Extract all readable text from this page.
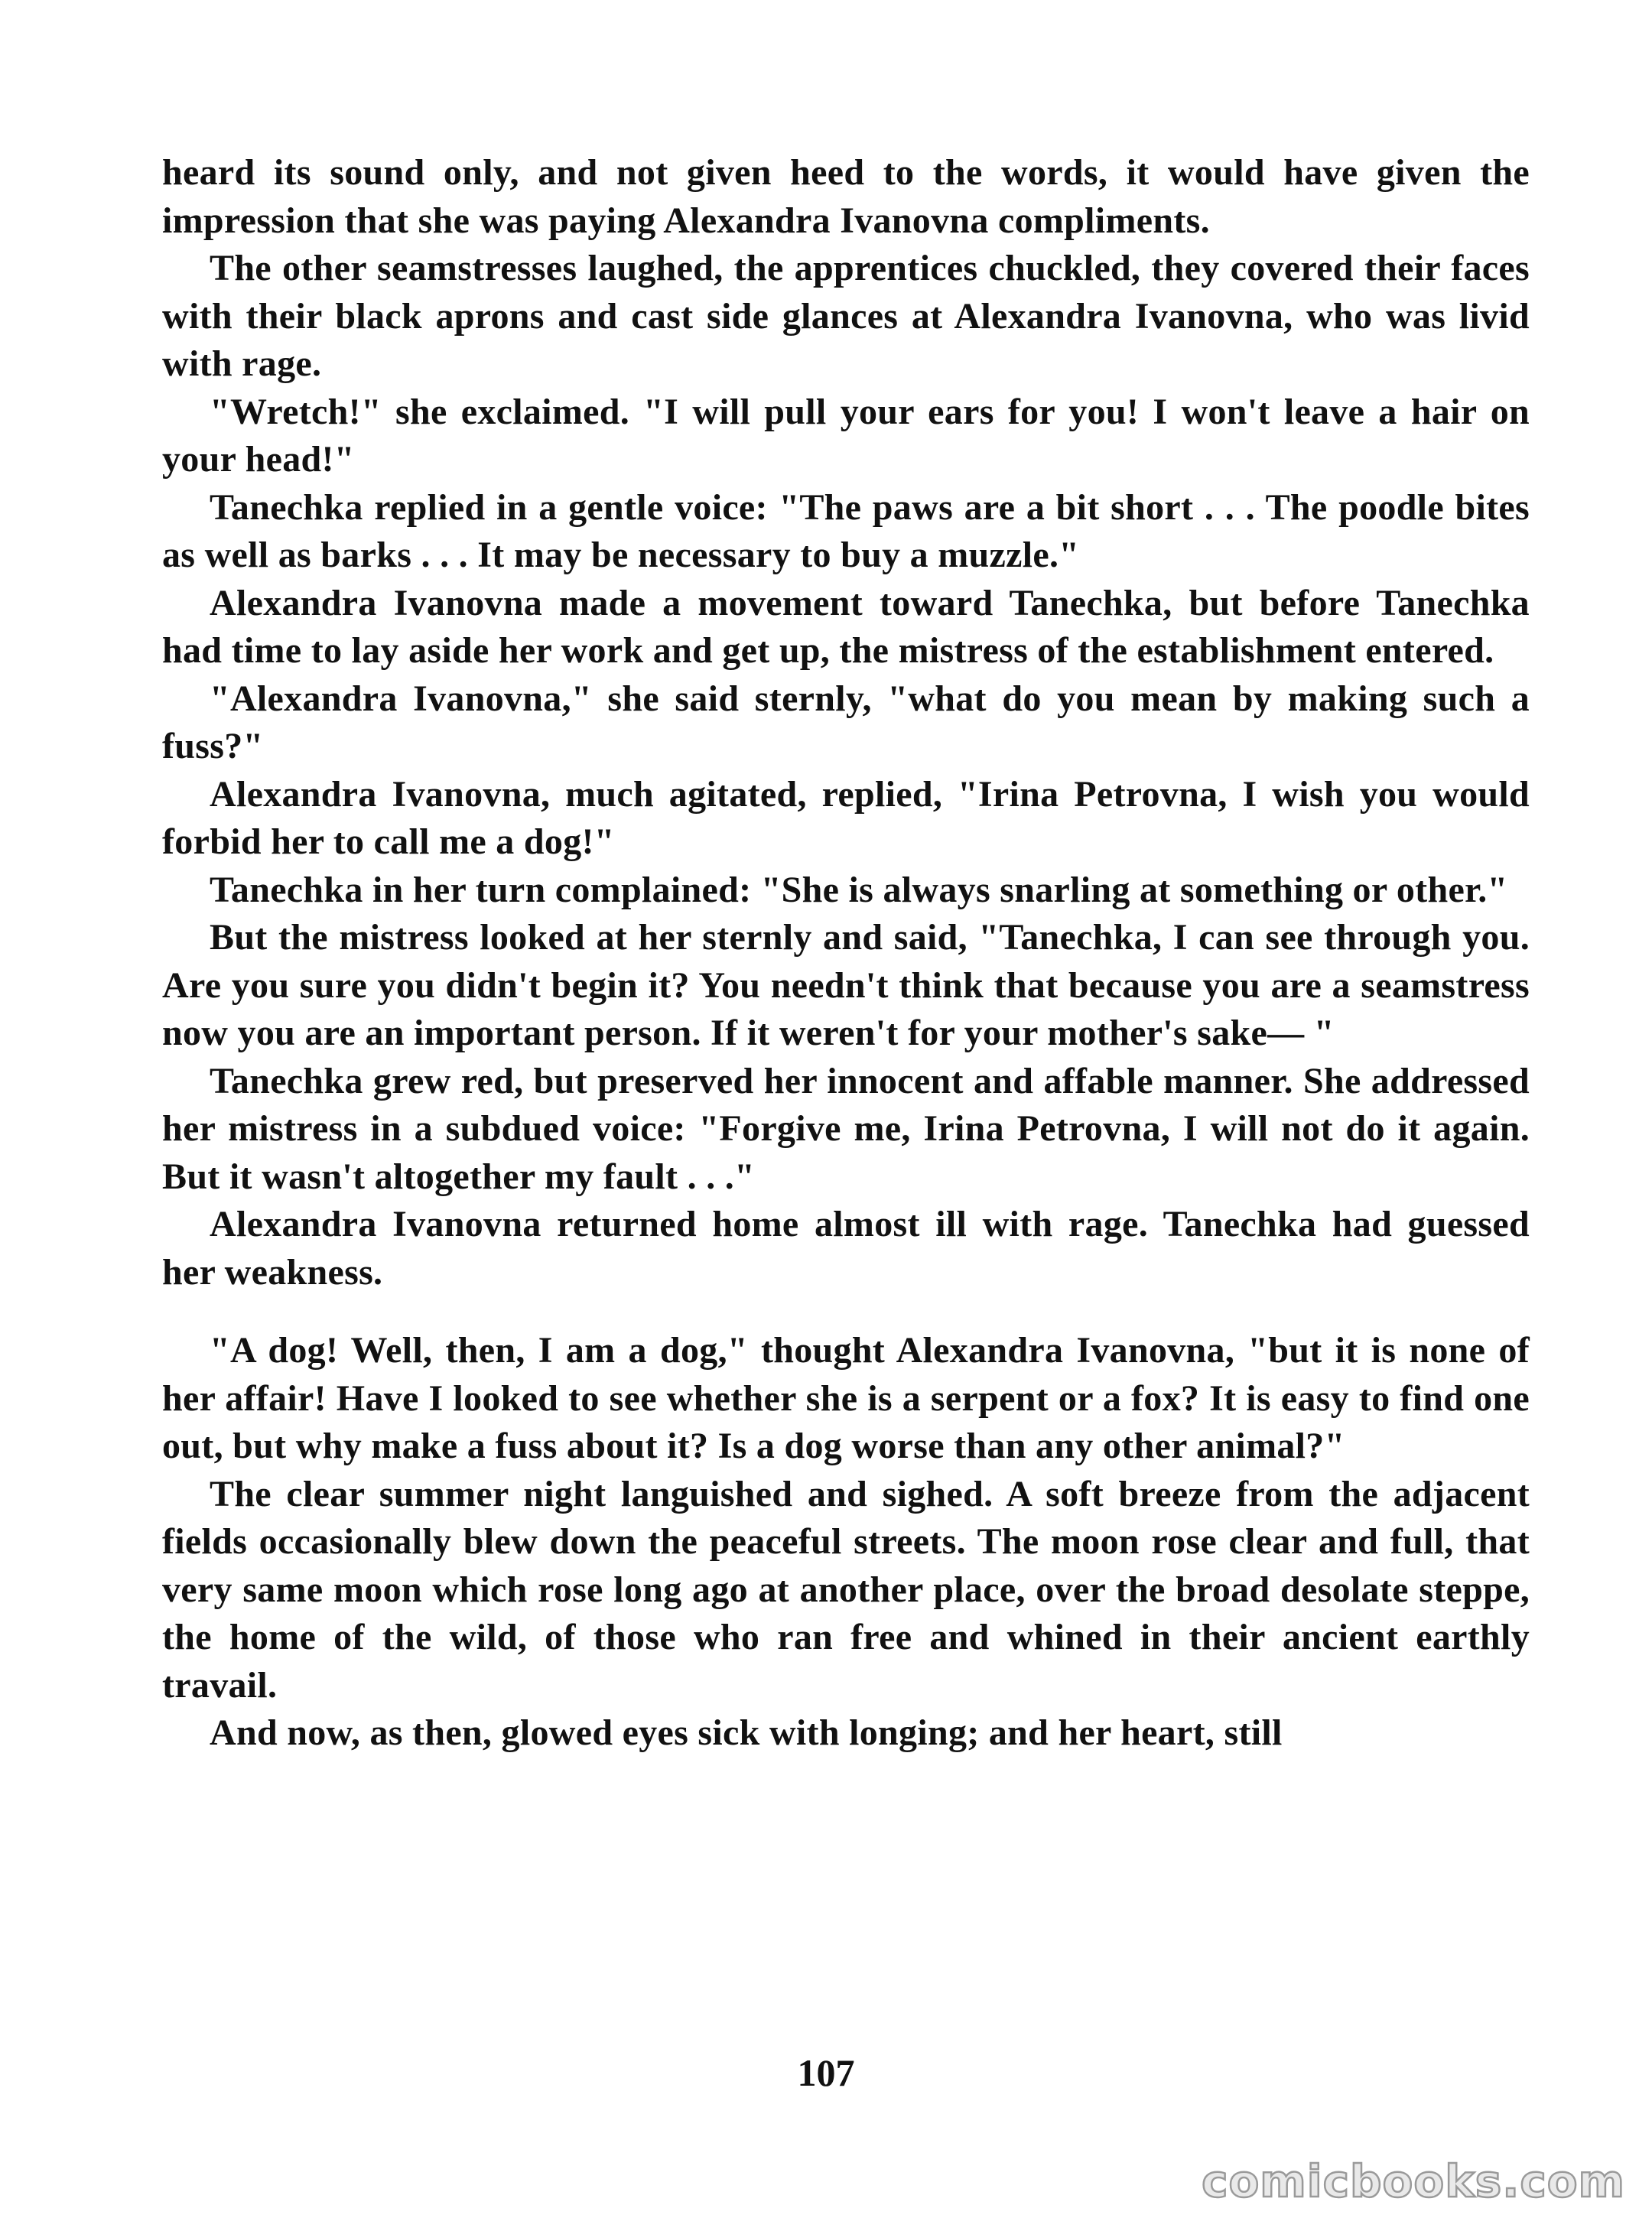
heard its sound only, and not given heed to the words, it would have given the impression that she was paying Alexandra Ivanovna compliments.

The other seamstresses laughed, the apprentices chuckled, they covered their faces with their black aprons and cast side glances at Alexandra Ivanovna, who was livid with rage.

"Wretch!" she exclaimed. "I will pull your ears for you! I won't leave a hair on your head!"

Tanechka replied in a gentle voice: "The paws are a bit short . . . The poodle bites as well as barks . . . It may be necessary to buy a muzzle."

Alexandra Ivanovna made a movement toward Tanechka, but before Tanechka had time to lay aside her work and get up, the mistress of the establishment entered.

"Alexandra Ivanovna," she said sternly, "what do you mean by making such a fuss?"

Alexandra Ivanovna, much agitated, replied, "Irina Petrovna, I wish you would forbid her to call me a dog!"

Tanechka in her turn complained: "She is always snarling at something or other."

But the mistress looked at her sternly and said, "Tanechka, I can see through you. Are you sure you didn't begin it? You needn't think that because you are a seamstress now you are an important person. If it weren't for your mother's sake— "

Tanechka grew red, but preserved her innocent and affable manner. She addressed her mistress in a subdued voice: "Forgive me, Irina Petrovna, I will not do it again. But it wasn't altogether my fault . . ."

Alexandra Ivanovna returned home almost ill with rage. Tanechka had guessed her weakness.

"A dog! Well, then, I am a dog," thought Alexandra Ivanovna, "but it is none of her affair! Have I looked to see whether she is a serpent or a fox? It is easy to find one out, but why make a fuss about it? Is a dog worse than any other animal?"

The clear summer night languished and sighed. A soft breeze from the adjacent fields occasionally blew down the peaceful streets. The moon rose clear and full, that very same moon which rose long ago at another place, over the broad desolate steppe, the home of the wild, of those who ran free and whined in their ancient earthly travail.

And now, as then, glowed eyes sick with longing; and her heart, still

107
comicbooks.com
